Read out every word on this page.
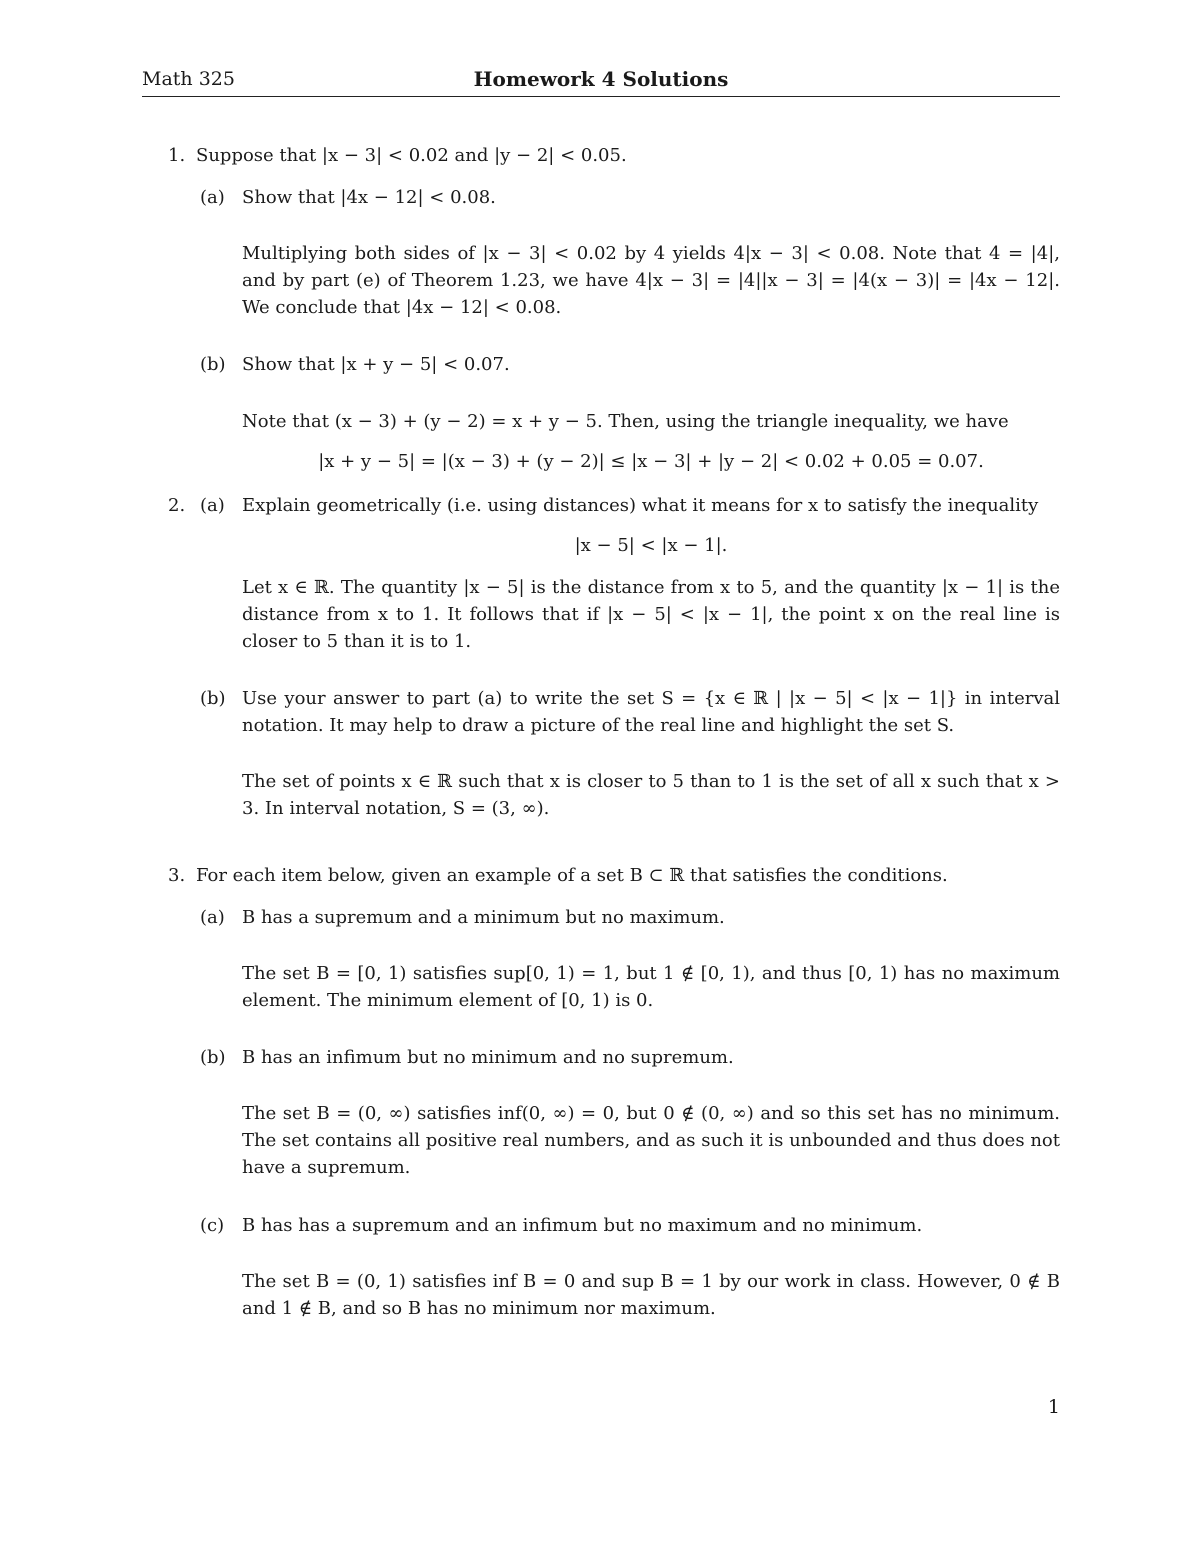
Math 325	Homework 4 Solutions
1. Suppose that |x − 3| < 0.02 and |y − 2| < 0.05.
(a) Show that |4x − 12| < 0.08.
Multiplying both sides of |x − 3| < 0.02 by 4 yields 4|x − 3| < 0.08. Note that 4 = |4|, and by part (e) of Theorem 1.23, we have 4|x − 3| = |4||x − 3| = |4(x − 3)| = |4x − 12|. We conclude that |4x − 12| < 0.08.
(b) Show that |x + y − 5| < 0.07.
Note that (x − 3) + (y − 2) = x + y − 5. Then, using the triangle inequality, we have
|x + y − 5| = |(x − 3) + (y − 2)| ≤ |x − 3| + |y − 2| < 0.02 + 0.05 = 0.07.
2. (a) Explain geometrically (i.e. using distances) what it means for x to satisfy the inequality
|x − 5| < |x − 1|.
Let x ∈ ℝ. The quantity |x − 5| is the distance from x to 5, and the quantity |x − 1| is the distance from x to 1. It follows that if |x − 5| < |x − 1|, the point x on the real line is closer to 5 than it is to 1.
(b) Use your answer to part (a) to write the set S = {x ∈ ℝ | |x − 5| < |x − 1|} in interval notation. It may help to draw a picture of the real line and highlight the set S.
The set of points x ∈ ℝ such that x is closer to 5 than to 1 is the set of all x such that x > 3. In interval notation, S = (3, ∞).
3. For each item below, given an example of a set B ⊂ ℝ that satisfies the conditions.
(a) B has a supremum and a minimum but no maximum.
The set B = [0, 1) satisfies sup[0, 1) = 1, but 1 ∉ [0, 1), and thus [0, 1) has no maximum element. The minimum element of [0, 1) is 0.
(b) B has an infimum but no minimum and no supremum.
The set B = (0, ∞) satisfies inf(0, ∞) = 0, but 0 ∉ (0, ∞) and so this set has no minimum. The set contains all positive real numbers, and as such it is unbounded and thus does not have a supremum.
(c) B has has a supremum and an infimum but no maximum and no minimum.
The set B = (0, 1) satisfies inf B = 0 and sup B = 1 by our work in class. However, 0 ∉ B and 1 ∉ B, and so B has no minimum nor maximum.
1
